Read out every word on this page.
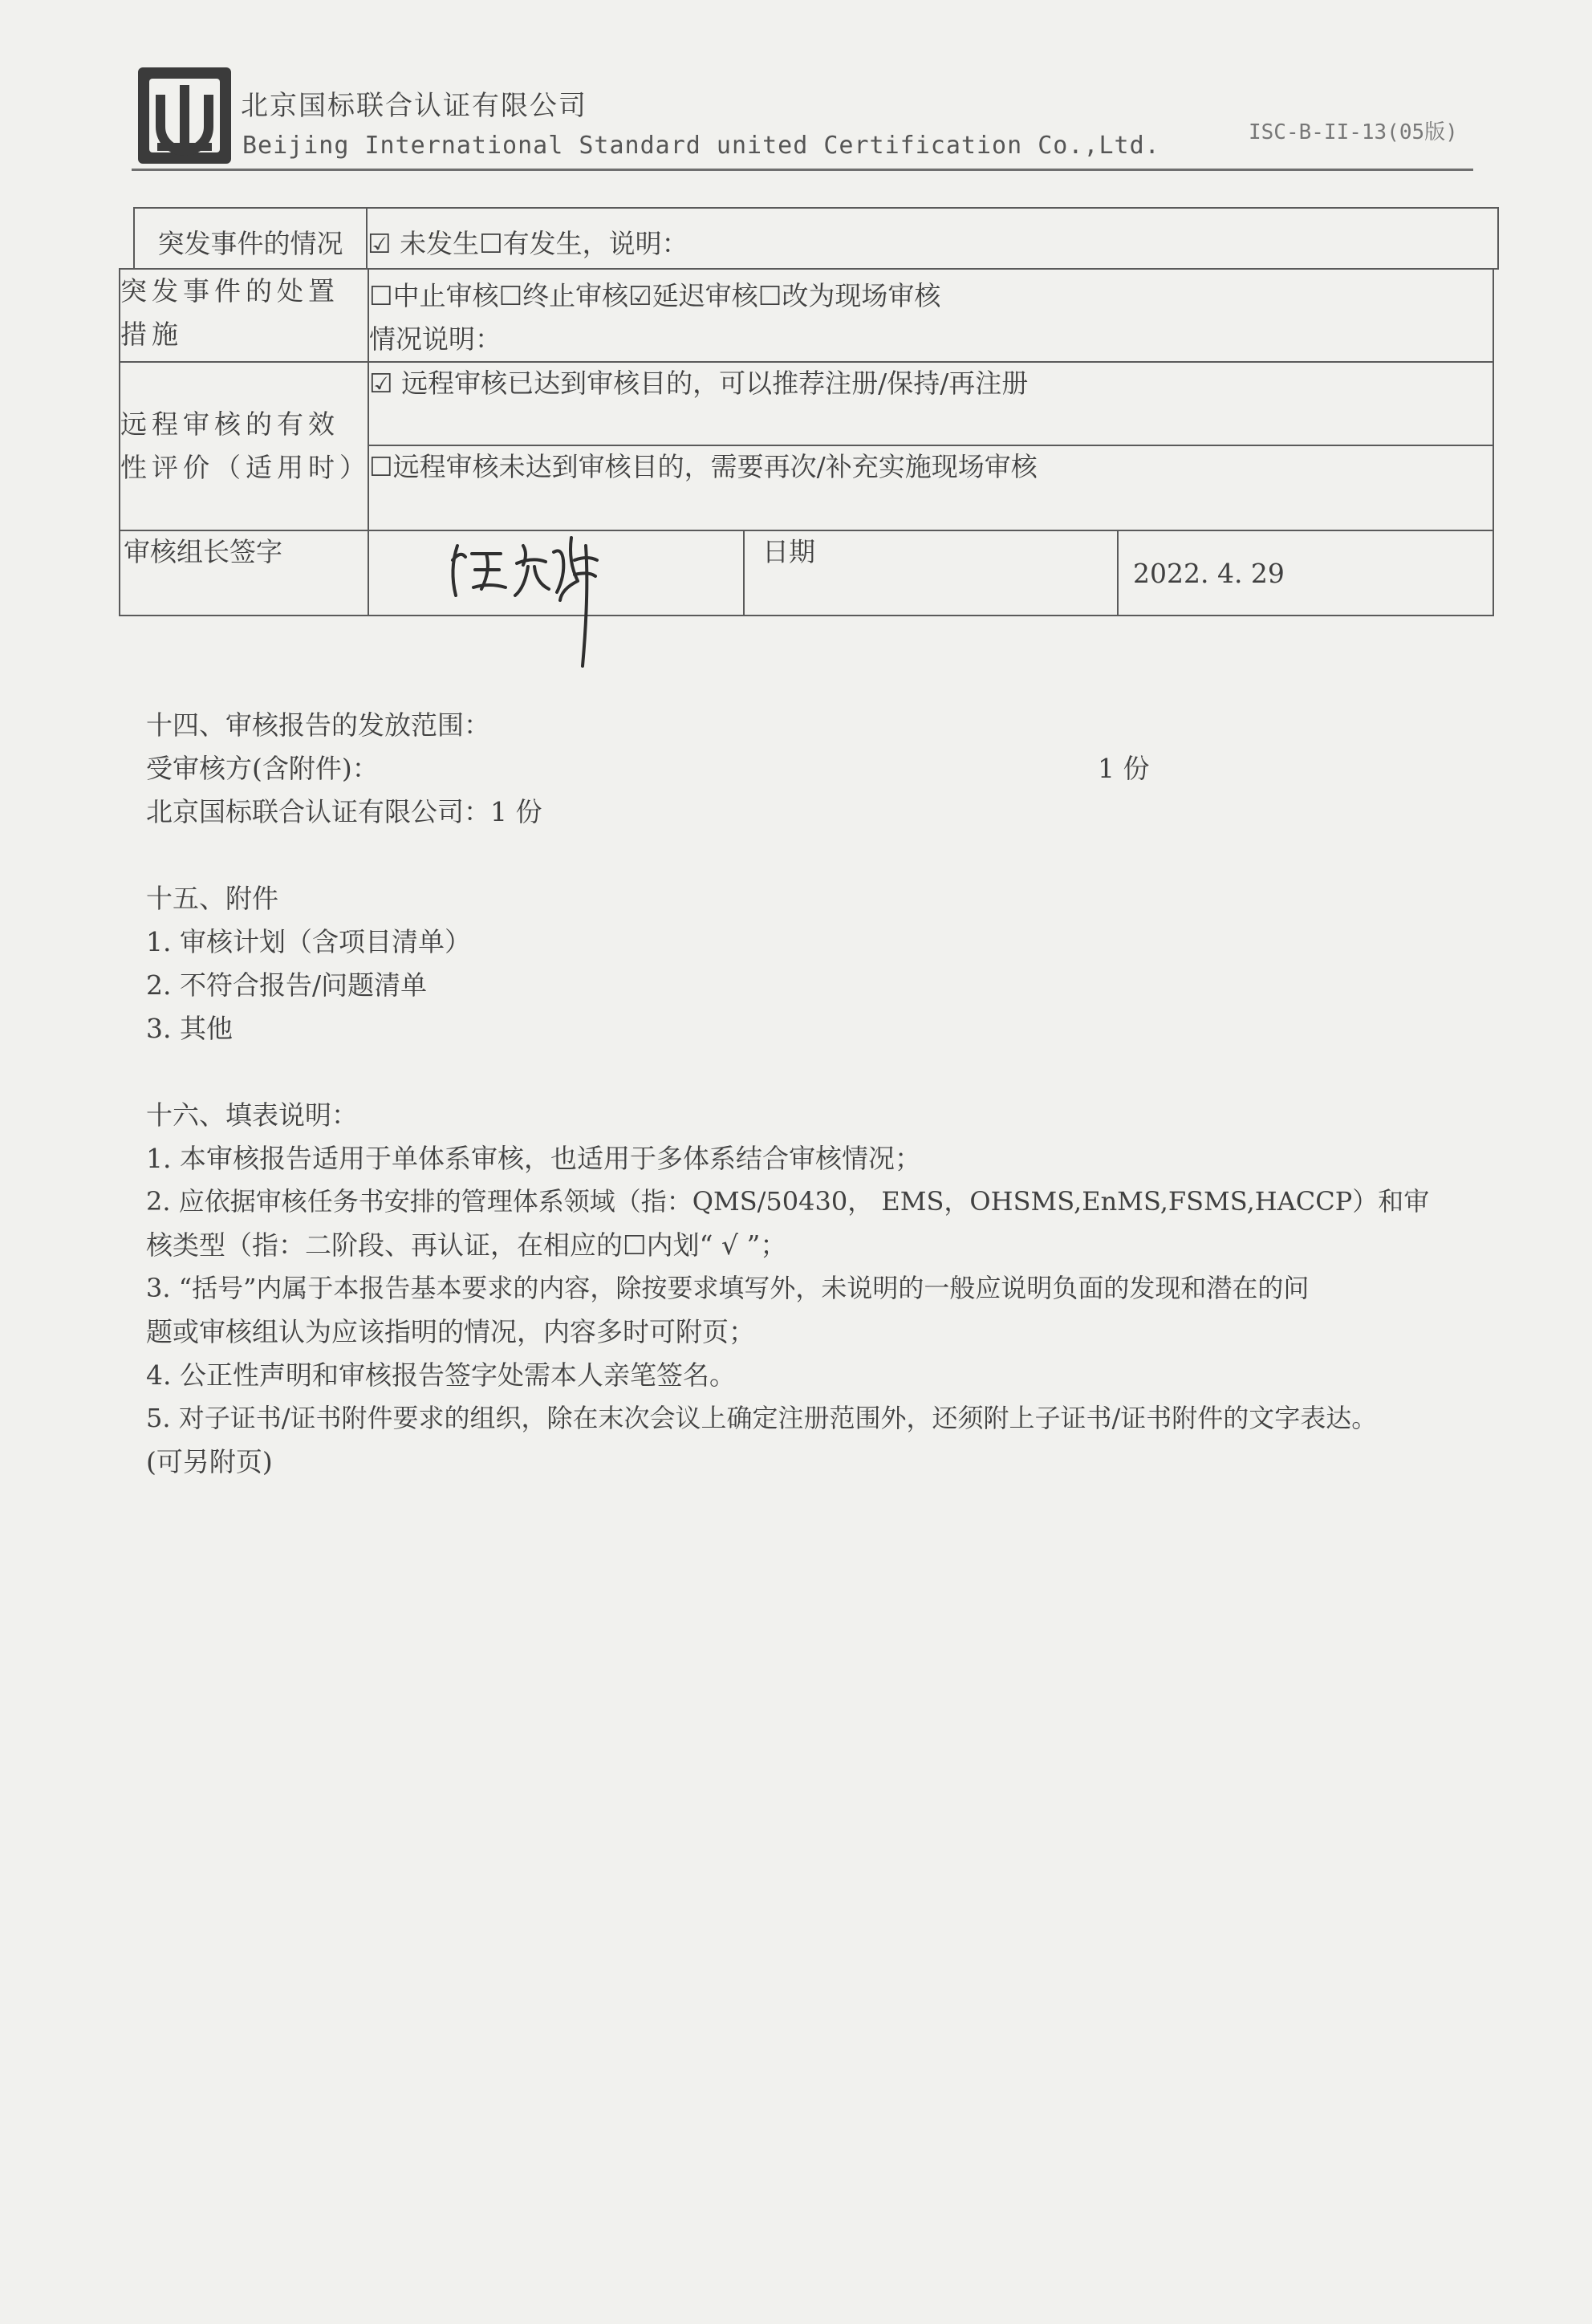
北京国标联合认证有限公司
Beijing International Standard united Certification Co.,Ltd.	ISC-B-II-13(05版)
突发事件的情况	☑ 未发生☐有发生，说明：
突发事件的处置措施	☐中止审核☐终止审核☑延迟审核☐改为现场审核
情况说明：		

远程审核的有效性评价（适用时）	☑ 远程审核已达到审核目的，可以推荐注册/保持/再注册		
	☐远程审核未达到审核目的，需要再次/补充实施现场审核		
审核组长签字		日期	2022. 4. 29
十四、审核报告的发放范围：
受审核方(含附件)：	1 份
北京国标联合认证有限公司：1 份
十五、附件
1. 审核计划（含项目清单）
2. 不符合报告/问题清单
3. 其他
十六、填表说明：
1. 本审核报告适用于单体系审核，也适用于多体系结合审核情况；
2. 应依据审核任务书安排的管理体系领域（指：QMS/50430， EMS，OHSMS,EnMS,FSMS,HACCP）和审
核类型（指：二阶段、再认证，在相应的☐内划“ √ ”；
3. “括号”内属于本报告基本要求的内容，除按要求填写外，未说明的一般应说明负面的发现和潜在的问
题或审核组认为应该指明的情况，内容多时可附页；
4. 公正性声明和审核报告签字处需本人亲笔签名。
5. 对子证书/证书附件要求的组织，除在末次会议上确定注册范围外，还须附上子证书/证书附件的文字表达。
(可另附页)
